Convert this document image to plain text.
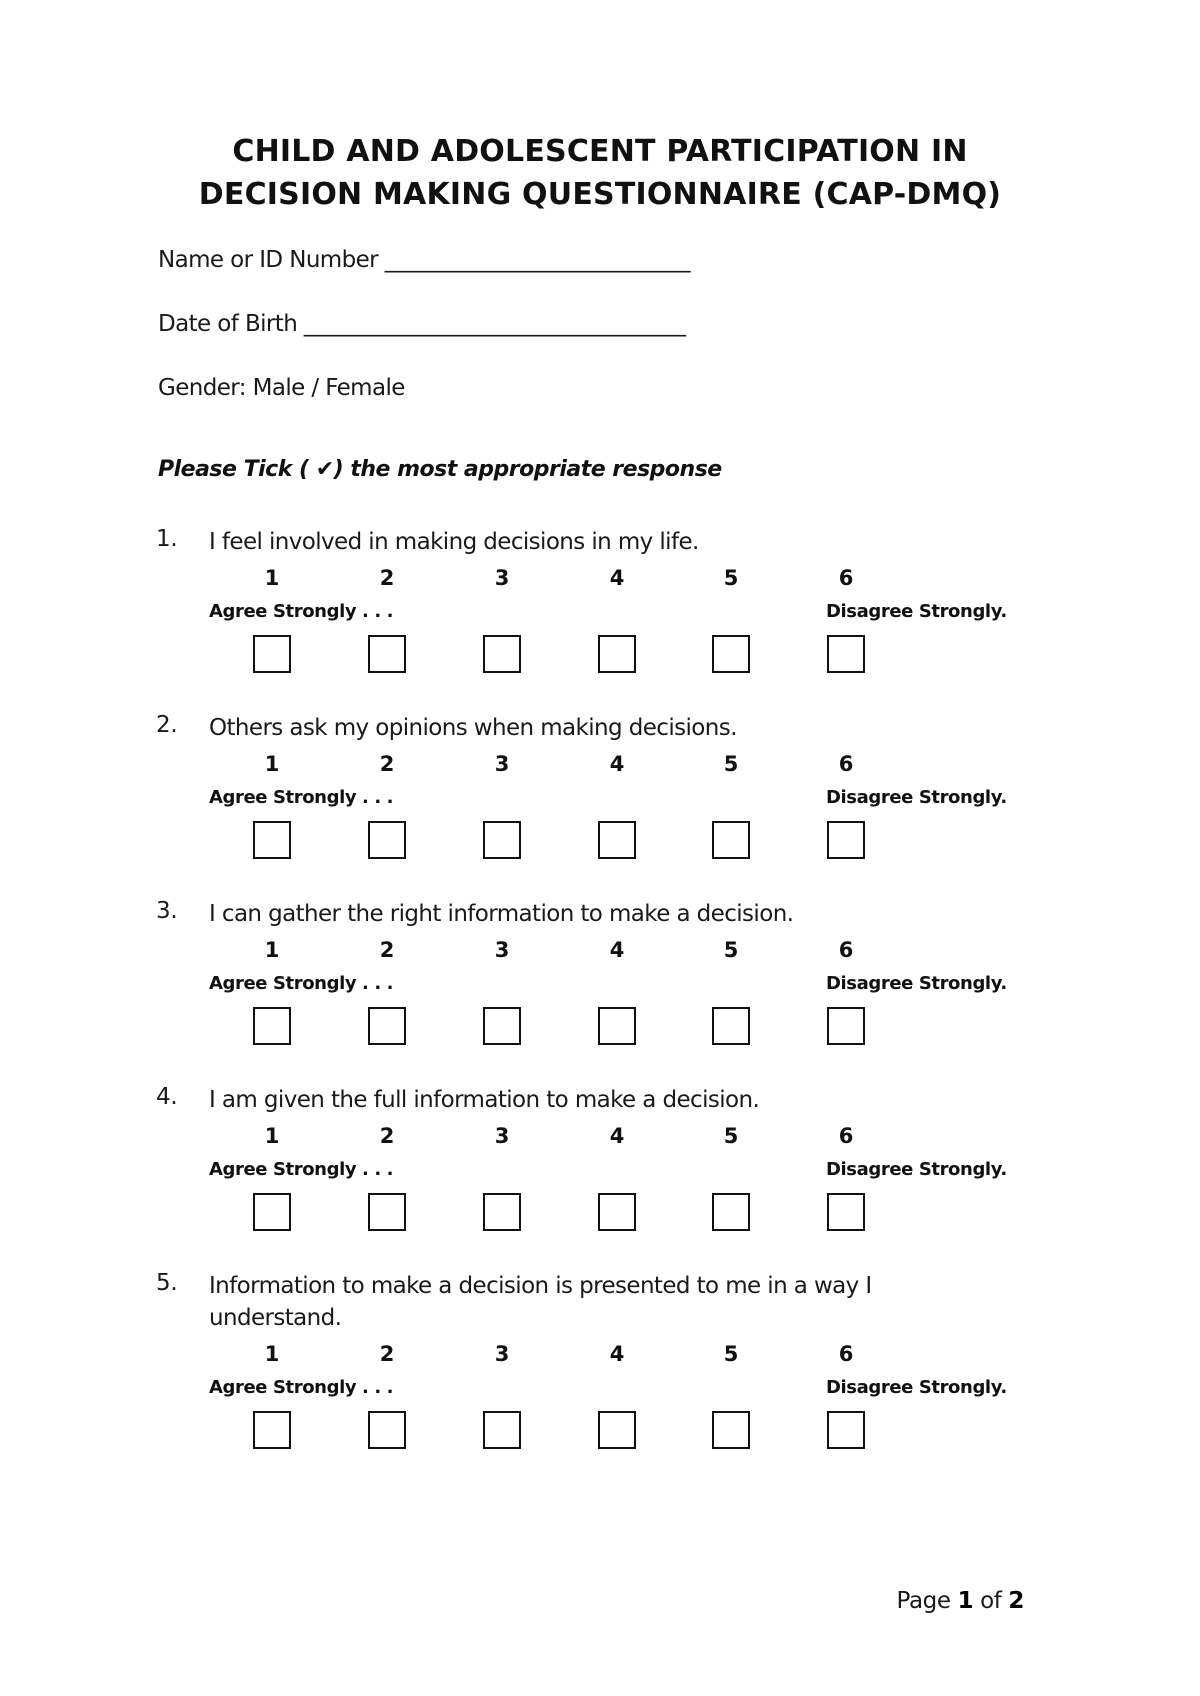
CHILD AND ADOLESCENT PARTICIPATION IN
DECISION MAKING QUESTIONNAIRE (CAP-DMQ)
Name or ID Number ____________________________
Date of Birth ___________________________________
Gender: Male / Female
Please Tick ( ✔) the most appropriate response
1. I feel involved in making decisions in my life.
1	2	3	4	5	6
Agree Strongly . . .	Disagree Strongly.
2. Others ask my opinions when making decisions.
1	2	3	4	5	6
Agree Strongly . . .	Disagree Strongly.
3. I can gather the right information to make a decision.
1	2	3	4	5	6
Agree Strongly . . .	Disagree Strongly.
4. I am given the full information to make a decision.
1	2	3	4	5	6
Agree Strongly . . .	Disagree Strongly.
5. Information to make a decision is presented to me in a way I understand.
1	2	3	4	5	6
Agree Strongly . . .	Disagree Strongly.
Page 1 of 2
